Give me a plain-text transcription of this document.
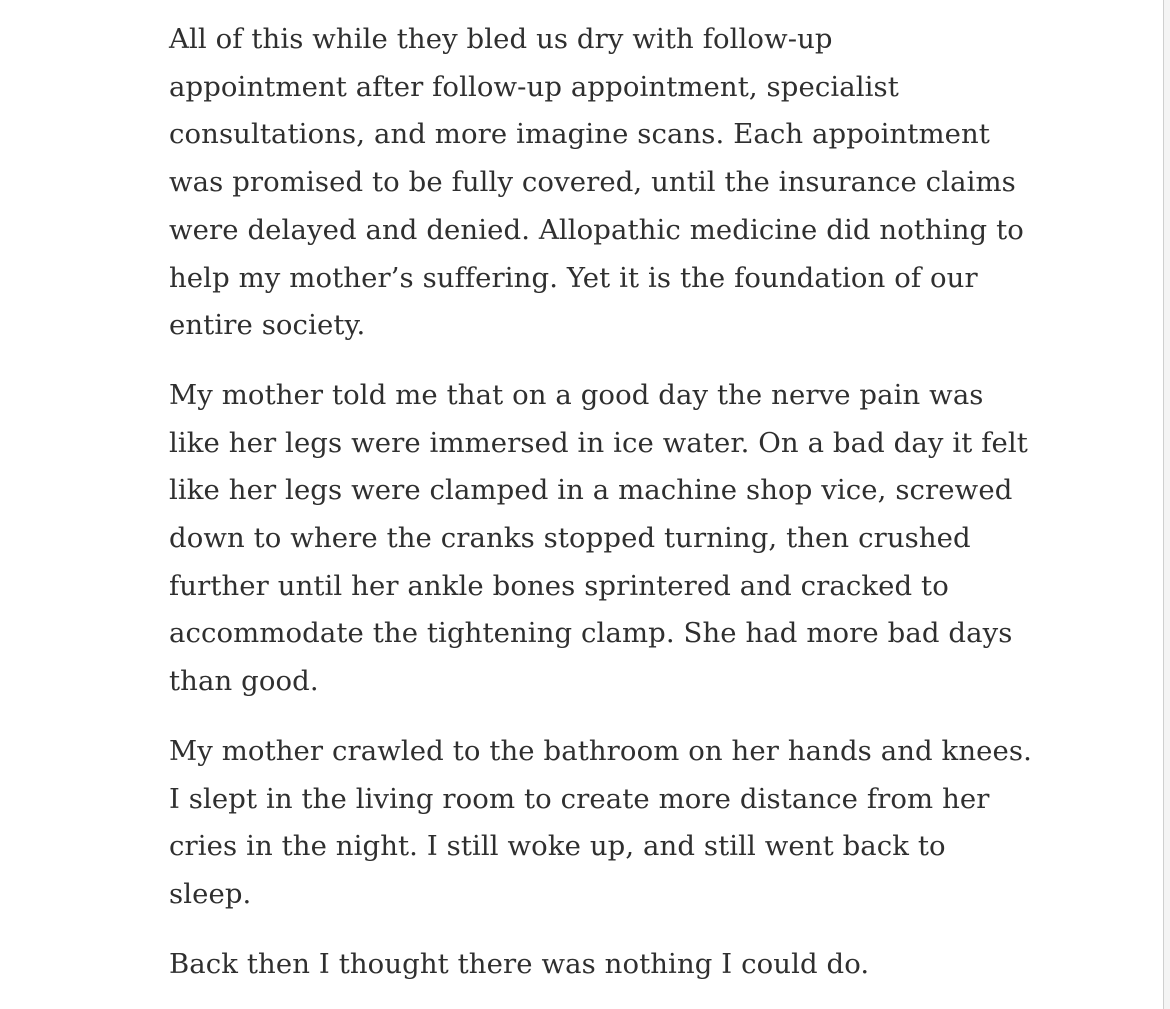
All of this while they bled us dry with follow-up
appointment after follow-up appointment, specialist
consultations, and more imagine scans. Each appointment
was promised to be fully covered, until the insurance claims
were delayed and denied. Allopathic medicine did nothing to
help my mother’s suffering. Yet it is the foundation of our
entire society.

My mother told me that on a good day the nerve pain was
like her legs were immersed in ice water. On a bad day it felt
like her legs were clamped in a machine shop vice, screwed
down to where the cranks stopped turning, then crushed
further until her ankle bones sprintered and cracked to
accommodate the tightening clamp. She had more bad days
than good.

My mother crawled to the bathroom on her hands and knees.
I slept in the living room to create more distance from her
cries in the night. I still woke up, and still went back to
sleep.

Back then I thought there was nothing I could do.
